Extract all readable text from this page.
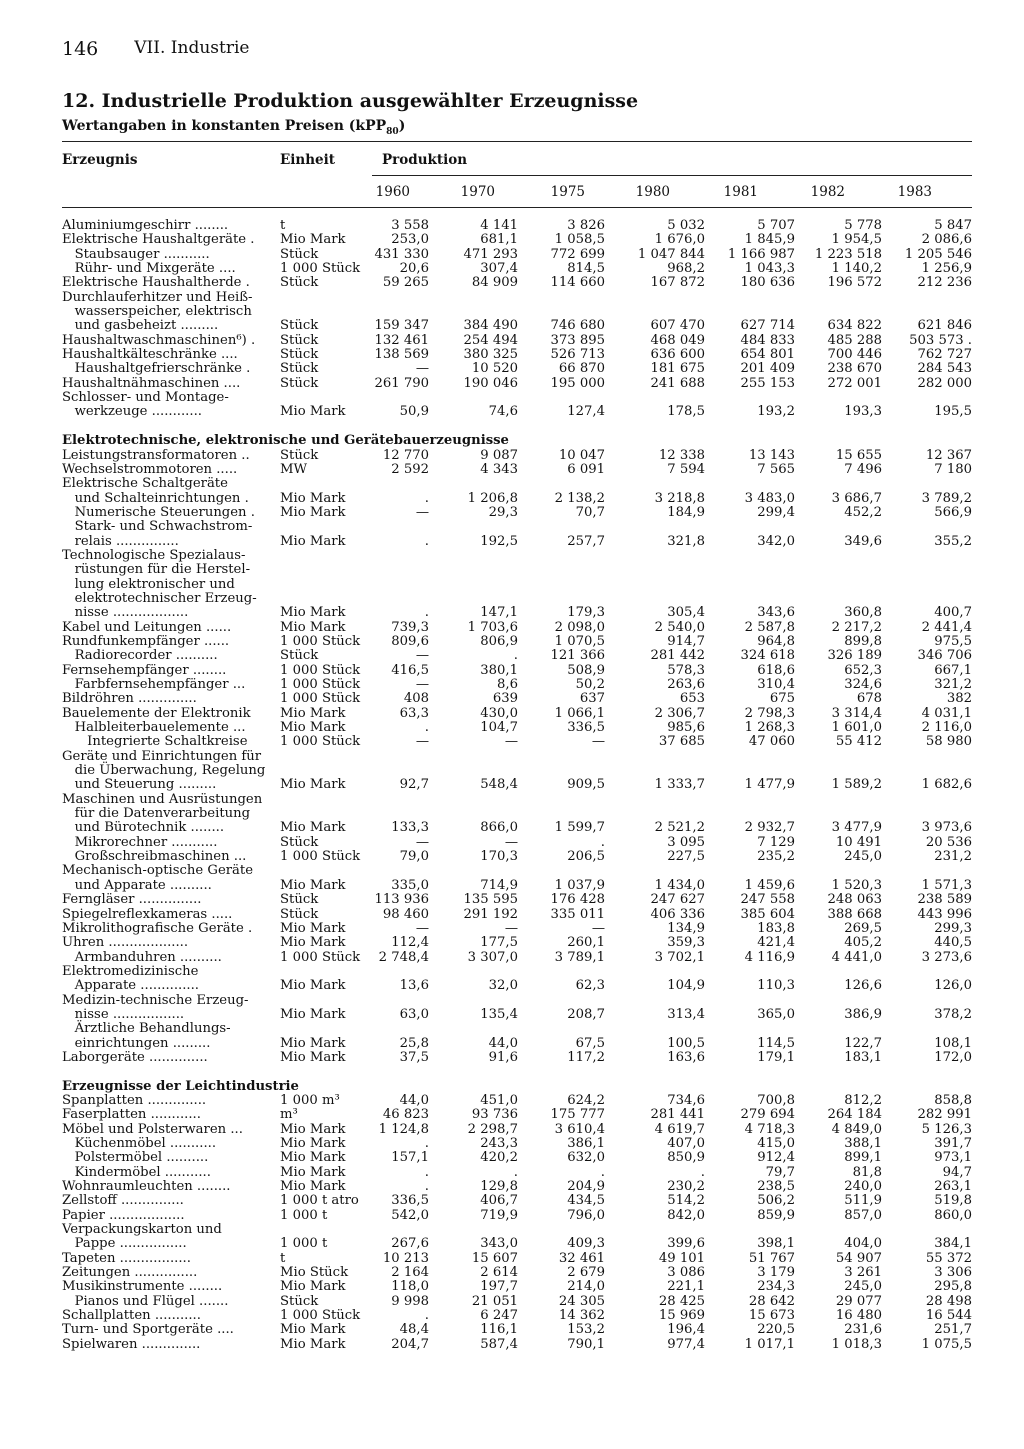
146 VII. Industrie
12. Industrielle Produktion ausgewählter Erzeugnisse
Wertangaben in konstanten Preisen (kPP$_{80}$)
Erzeugnis	Einheit	Produktion
1960	1970	1975	1980	1981	1982	1983
Aluminiumgeschirr ........	t	3 558	4 141	3 826	5 032	5 707	5 778	5 847
Elektrische Haushaltgeräte . Mio Mark	253,0	681,1	1 058,5	1 676,0	1 845,9	1 954,5	2 086,6
Staubsauger ...........	Stück	431 330	471 293	772 699	1 047 844	1 166 987	1 223 518	1 205 546
Rühr- und Mixgeräte ....	1 000 Stück	20,6	307,4	814,5	968,2	1 043,3	1 140,2	1 256,9
Elektrische Haushaltherde . Stück	59 265	84 909	114 660	167 872	180 636	196 572	212 236
Durchlauferhitzer und Heiß-
wasserspeicher, elektrisch
und gasbeheizt .........	Stück	159 347	384 490	746 680	607 470	627 714	634 822	621 846
Haushaltwaschmaschinen⁶) . Stück	132 461	254 494	373 895	468 049	484 833	485 288	503 573 .
Haushaltkälteschränke ....	Stück	138 569	380 325	526 713	636 600	654 801	700 446	762 727
Haushaltgefrierschränke . Stück	—	10 520	66 870	181 675	201 409	238 670	284 543
Haushaltnähmaschinen ....	Stück	261 790	190 046	195 000	241 688	255 153	272 001	282 000
Schlosser- und Montage-
werkzeuge ............	Mio Mark	50,9	74,6	127,4	178,5	193,2	193,3	195,5
Elektrotechnische, elektronische und Gerätebauerzeugnisse
Leistungstransformatoren .. Stück	12 770	9 087	10 047	12 338	13 143	15 655	12 367
Wechselstrommotoren .....	MW	2 592	4 343	6 091	7 594	7 565	7 496	7 180
Elektrische Schaltgeräte
und Schalteinrichtungen . Mio Mark	.	1 206,8	2 138,2	3 218,8	3 483,0	3 686,7	3 789,2
Numerische Steuerungen . Mio Mark	—	29,3	70,7	184,9	299,4	452,2	566,9
Stark- und Schwachstrom-
relais ...............	Mio Mark	.	192,5	257,7	321,8	342,0	349,6	355,2
Technologische Spezialaus-
rüstungen für die Herstel-
lung elektronischer und
elektrotechnischer Erzeug-
nisse ..................	Mio Mark	.	147,1	179,3	305,4	343,6	360,8	400,7
Kabel und Leitungen ......	Mio Mark	739,3	1 703,6	2 098,0	2 540,0	2 587,8	2 217,2	2 441,4
Rundfunkempfänger ......	1 000 Stück	809,6	806,9	1 070,5	914,7	964,8	899,8	975,5
Radiorecorder ..........	Stück	—	.	121 366	281 442	324 618	326 189	346 706
Fernsehempfänger ........	1 000 Stück	416,5	380,1	508,9	578,3	618,6	652,3	667,1
Farbfernsehempfänger ...	1 000 Stück	—	8,6	50,2	263,6	310,4	324,6	321,2
Bildröhren ..............	1 000 Stück	408	639	637	653	675	678	382
Bauelemente der Elektronik Mio Mark	63,3	430,0	1 066,1	2 306,7	2 798,3	3 314,4	4 031,1
Halbleiterbauelemente ...	Mio Mark	.	104,7	336,5	985,6	1 268,3	1 601,0	2 116,0
Integrierte Schaltkreise 1 000 Stück	—	—	—	37 685	47 060	55 412	58 980
Geräte und Einrichtungen für
die Überwachung, Regelung
und Steuerung .........	Mio Mark	92,7	548,4	909,5	1 333,7	1 477,9	1 589,2	1 682,6
Maschinen und Ausrüstungen
für die Datenverarbeitung
und Bürotechnik ........	Mio Mark	133,3	866,0	1 599,7	2 521,2	2 932,7	3 477,9	3 973,6
Mikrorechner ...........	Stück	—	—	.	3 095	7 129	10 491	20 536
Großschreibmaschinen ...	1 000 Stück	79,0	170,3	206,5	227,5	235,2	245,0	231,2
Mechanisch-optische Geräte
und Apparate ..........	Mio Mark	335,0	714,9	1 037,9	1 434,0	1 459,6	1 520,3	1 571,3
Ferngläser ...............	Stück	113 936	135 595	176 428	247 627	247 558	248 063	238 589
Spiegelreflexkameras .....	Stück	98 460	291 192	335 011	406 336	385 604	388 668	443 996
Mikrolithografische Geräte . Mio Mark	—	—	—	134,9	183,8	269,5	299,3
Uhren ...................	Mio Mark	112,4	177,5	260,1	359,3	421,4	405,2	440,5
Armbanduhren ..........	1 000 Stück	2 748,4	3 307,0	3 789,1	3 702,1	4 116,9	4 441,0	3 273,6
Elektromedizinische
Apparate ..............	Mio Mark	13,6	32,0	62,3	104,9	110,3	126,6	126,0
Medizin-technische Erzeug-
nisse .................	Mio Mark	63,0	135,4	208,7	313,4	365,0	386,9	378,2
Ärztliche Behandlungs-
einrichtungen .........	Mio Mark	25,8	44,0	67,5	100,5	114,5	122,7	108,1
Laborgeräte ..............	Mio Mark	37,5	91,6	117,2	163,6	179,1	183,1	172,0
Erzeugnisse der Leichtindustrie
Spanplatten ..............	1 000 m³	44,0	451,0	624,2	734,6	700,8	812,2	858,8
Faserplatten ............	m³	46 823	93 736	175 777	281 441	279 694	264 184	282 991
Möbel und Polsterwaren ...	Mio Mark	1 124,8	2 298,7	3 610,4	4 619,7	4 718,3	4 849,0	5 126,3
Küchenmöbel ...........	Mio Mark	.	243,3	386,1	407,0	415,0	388,1	391,7
Polstermöbel ..........	Mio Mark	157,1	420,2	632,0	850,9	912,4	899,1	973,1
Kindermöbel ...........	Mio Mark	.	.	.	.	79,7	81,8	94,7
Wohnraumleuchten ........	Mio Mark	.	129,8	204,9	230,2	238,5	240,0	263,1
Zellstoff ...............	1 000 t atro	336,5	406,7	434,5	514,2	506,2	511,9	519,8
Papier ..................	1 000 t	542,0	719,9	796,0	842,0	859,9	857,0	860,0
Verpackungskarton und
Pappe ................	1 000 t	267,6	343,0	409,3	399,6	398,1	404,0	384,1
Tapeten .................	t	10 213	15 607	32 461	49 101	51 767	54 907	55 372
Zeitungen ...............	Mio Stück	2 164	2 614	2 679	3 086	3 179	3 261	3 306
Musikinstrumente ........	Mio Mark	118,0	197,7	214,0	221,1	234,3	245,0	295,8
Pianos und Flügel .......	Stück	9 998	21 051	24 305	28 425	28 642	29 077	28 498
Schallplatten ...........	1 000 Stück	.	6 247	14 362	15 969	15 673	16 480	16 544
Turn- und Sportgeräte ....	Mio Mark	48,4	116,1	153,2	196,4	220,5	231,6	251,7
Spielwaren ..............	Mio Mark	204,7	587,4	790,1	977,4	1 017,1	1 018,3	1 075,5
